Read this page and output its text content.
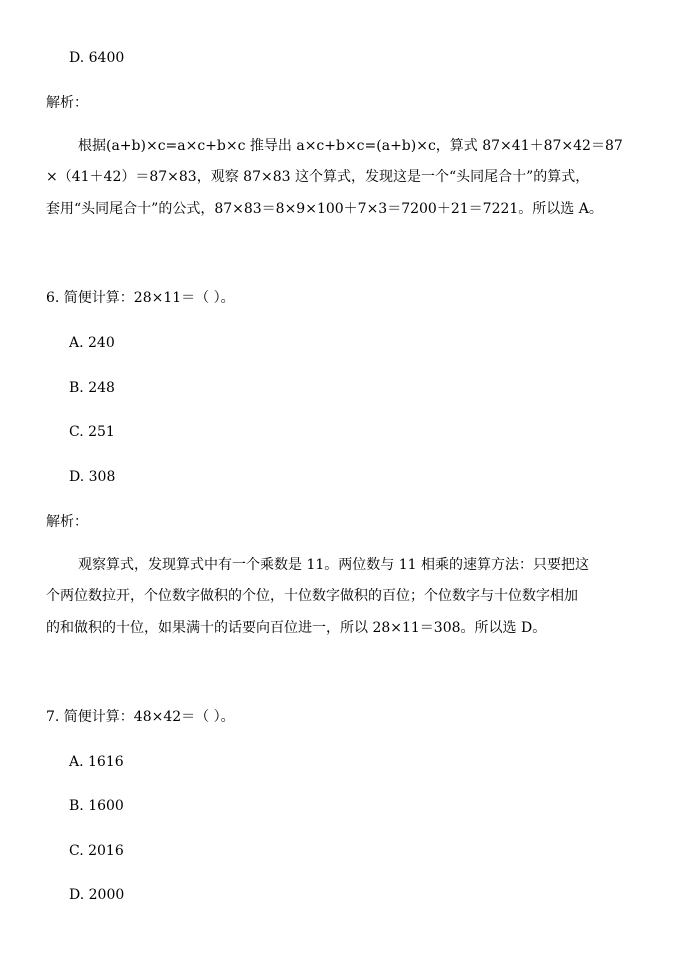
D. 6400
解析：
根据(a+b)×c=a×c+b×c 推导出 a×c+b×c=(a+b)×c，算式 87×41＋87×42＝87
×（41＋42）＝87×83，观察 87×83 这个算式，发现这是一个“头同尾合十”的算式，
套用“头同尾合十”的公式，87×83＝8×9×100＋7×3＝7200＋21＝7221。所以选 A。
6. 简便计算：28×11＝（ ）。
A. 240
B. 248
C. 251
D. 308
解析：
观察算式，发现算式中有一个乘数是 11。两位数与 11 相乘的速算方法：只要把这
个两位数拉开，个位数字做积的个位，十位数字做积的百位；个位数字与十位数字相加
的和做积的十位，如果满十的话要向百位进一，所以 28×11＝308。所以选 D。
7. 简便计算：48×42＝（ ）。
A. 1616
B. 1600
C. 2016
D. 2000
